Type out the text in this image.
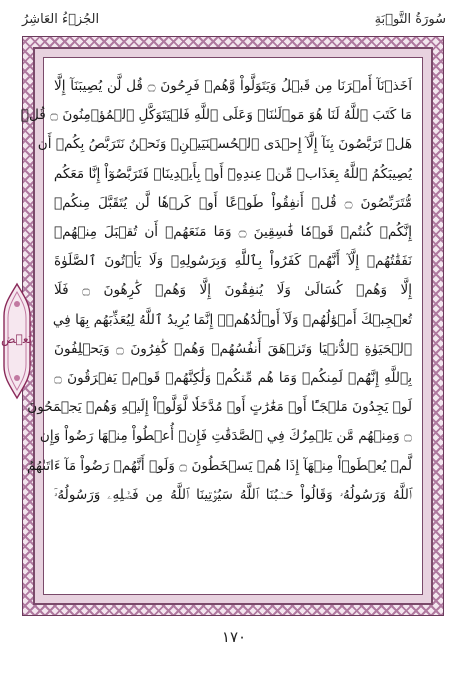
سُورَةُ التَّوۡبَةِ
الجُزۡءُ العَاشِرُ
اَخَذۡنَآ أَمۡرَنَا مِن قَبۡلُ وَيَتَوَلَّواْ وَّهُمۡ فَرِحُونَ ۝ قُل لَّن يُصِيبَنَآ إِلَّا
مَا كَتَبَ ٱللَّهُ لَنَا هُوَ مَوۡلَىٰنَاۚ وَعَلَى ٱللَّهِ فَلۡيَتَوَكَّلِ ٱلۡمُؤۡمِنُونَ ۝ قُلۡ
هَلۡ تَرَبَّصُونَ بِنَآ إِلَّآ إِحۡدَى ٱلۡحُسۡنَيَيۡنِۖ وَنَحۡنُ نَتَرَبَّصُ بِكُمۡ أَن
يُصِيبَكُمُ ٱللَّهُ بِعَذَابٖ مِّنۡ عِندِهِۦٓ أَوۡ بِأَيۡدِينَاۖ فَتَرَبَّصُوٓاْ إِنَّا مَعَكُم
مُّتَرَبِّصُونَ ۝ قُلۡ أَنفِقُواْ طَوۡعًا أَوۡ كَرۡهٗا لَّن يُتَقَبَّلَ مِنكُمۡ
إِنَّكُمۡ كُنتُمۡ قَوۡمٗا فَٰسِقِينَ ۝ وَمَا مَنَعَهُمۡ أَن تُقۡبَلَ مِنۡهُمۡ
نَفَقَٰتُهُمۡ إِلَّآ أَنَّهُمۡ كَفَرُواْ بِٱللَّهِ وَبِرَسُولِهِۦ وَلَا يَأۡتُونَ ٱلصَّلَوٰةَ
إِلَّا وَهُمۡ كُسَالَىٰ وَلَا يُنفِقُونَ إِلَّا وَهُمۡ كَٰرِهُونَ ۝ فَلَا
تُعۡجِبۡكَ أَمۡوَٰلُهُمۡ وَلَآ أَوۡلَٰدُهُمۡۚ إِنَّمَا يُرِيدُ ٱللَّهُ لِيُعَذِّبَهُم بِهَا فِي
ٱلۡحَيَوٰةِ ٱلدُّنۡيَا وَتَزۡهَقَ أَنفُسُهُمۡ وَهُمۡ كَٰفِرُونَ ۝ وَيَحۡلِفُونَ
بِٱللَّهِ إِنَّهُمۡ لَمِنكُمۡ وَمَا هُم مِّنكُمۡ وَلَٰكِنَّهُمۡ قَوۡمٞ يَفۡرَقُونَ ۝
لَوۡ يَجِدُونَ مَلۡجَـًٔا أَوۡ مَغَٰرَٰتٍ أَوۡ مُدَّخَلٗا لَّوَلَّوۡاْ إِلَيۡهِ وَهُمۡ يَجۡمَحُونَ
۝ وَمِنۡهُم مَّن يَلۡمِزُكَ فِي ٱلصَّدَقَٰتِ فَإِنۡ أُعۡطُواْ مِنۡهَا رَضُواْ وَإِن
لَّمۡ يُعۡطَوۡاْ مِنۡهَآ إِذَا هُمۡ يَسۡخَطُونَ ۝ وَلَوۡ أَنَّهُمۡ رَضُواْ مَآ ءَاتَىٰهُمُ
ٱللَّهُ وَرَسُولُهُۥ وَقَالُواْ حَسۡبُنَا ٱللَّهُ سَيُؤۡتِينَا ٱللَّهُ مِن فَضۡلِهِۦ وَرَسُولُهُۥٓ
بَعۡض
١٧٠
